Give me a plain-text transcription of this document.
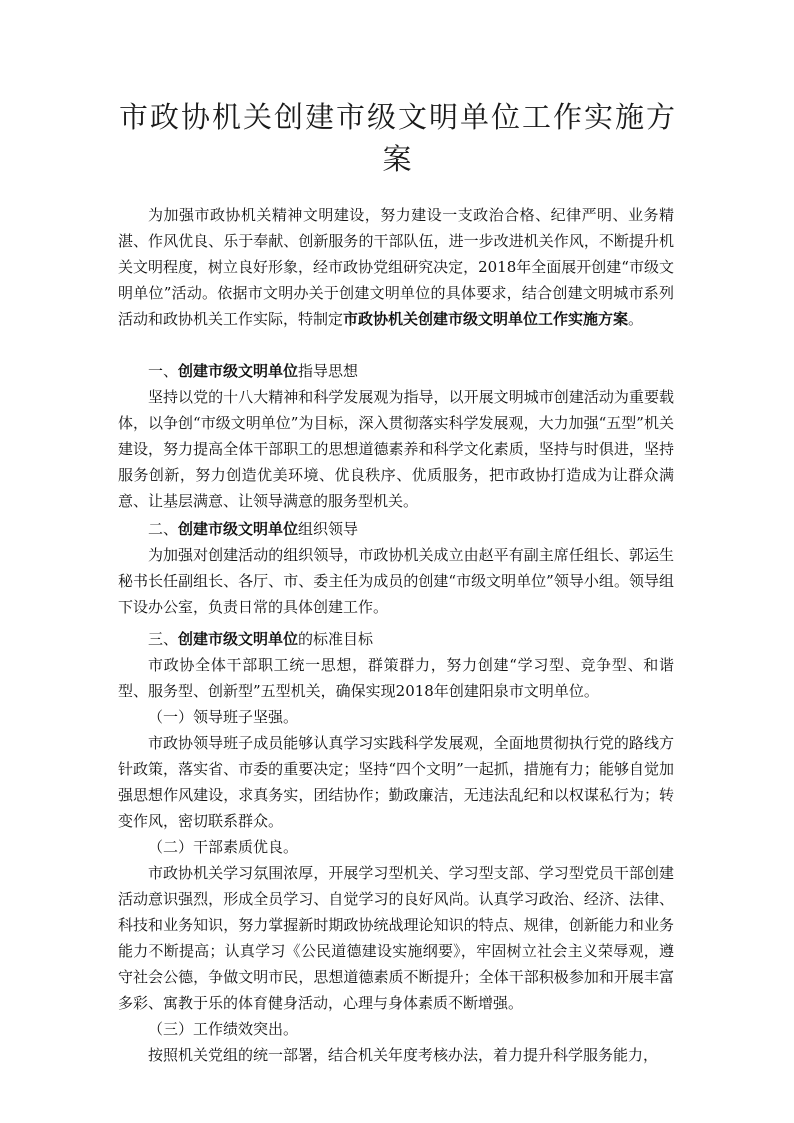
市政协机关创建市级文明单位工作实施方案

为加强市政协机关精神文明建设，努力建设一支政治合格、纪律严明、业务精湛、作风优良、乐于奉献、创新服务的干部队伍，进一步改进机关作风，不断提升机关文明程度，树立良好形象，经市政协党组研究决定，2018年全面展开创建“市级文明单位”活动。依据市文明办关于创建文明单位的具体要求，结合创建文明城市系列活动和政协机关工作实际，特制定市政协机关创建市级文明单位工作实施方案。

一、创建市级文明单位指导思想

坚持以党的十八大精神和科学发展观为指导，以开展文明城市创建活动为重要载体，以争创“市级文明单位”为目标，深入贯彻落实科学发展观，大力加强“五型”机关建设，努力提高全体干部职工的思想道德素养和科学文化素质，坚持与时俱进，坚持服务创新，努力创造优美环境、优良秩序、优质服务，把市政协打造成为让群众满意、让基层满意、让领导满意的服务型机关。

二、创建市级文明单位组织领导

为加强对创建活动的组织领导，市政协机关成立由赵平有副主席任组长、郭运生秘书长任副组长、各厅、市、委主任为成员的创建“市级文明单位”领导小组。领导组下设办公室，负责日常的具体创建工作。

三、创建市级文明单位的标准目标

市政协全体干部职工统一思想，群策群力，努力创建“学习型、竞争型、和谐型、服务型、创新型”五型机关，确保实现2018年创建阳泉市文明单位。

（一）领导班子坚强。

市政协领导班子成员能够认真学习实践科学发展观，全面地贯彻执行党的路线方针政策，落实省、市委的重要决定；坚持“四个文明”一起抓，措施有力；能够自觉加强思想作风建设，求真务实，团结协作；勤政廉洁，无违法乱纪和以权谋私行为；转变作风，密切联系群众。

（二）干部素质优良。

市政协机关学习氛围浓厚，开展学习型机关、学习型支部、学习型党员干部创建活动意识强烈，形成全员学习、自觉学习的良好风尚。认真学习政治、经济、法律、科技和业务知识，努力掌握新时期政协统战理论知识的特点、规律，创新能力和业务能力不断提高；认真学习《公民道德建设实施纲要》，牢固树立社会主义荣辱观，遵守社会公德，争做文明市民，思想道德素质不断提升；全体干部积极参加和开展丰富多彩、寓教于乐的体育健身活动，心理与身体素质不断增强。

（三）工作绩效突出。

按照机关党组的统一部署，结合机关年度考核办法，着力提升科学服务能力，
